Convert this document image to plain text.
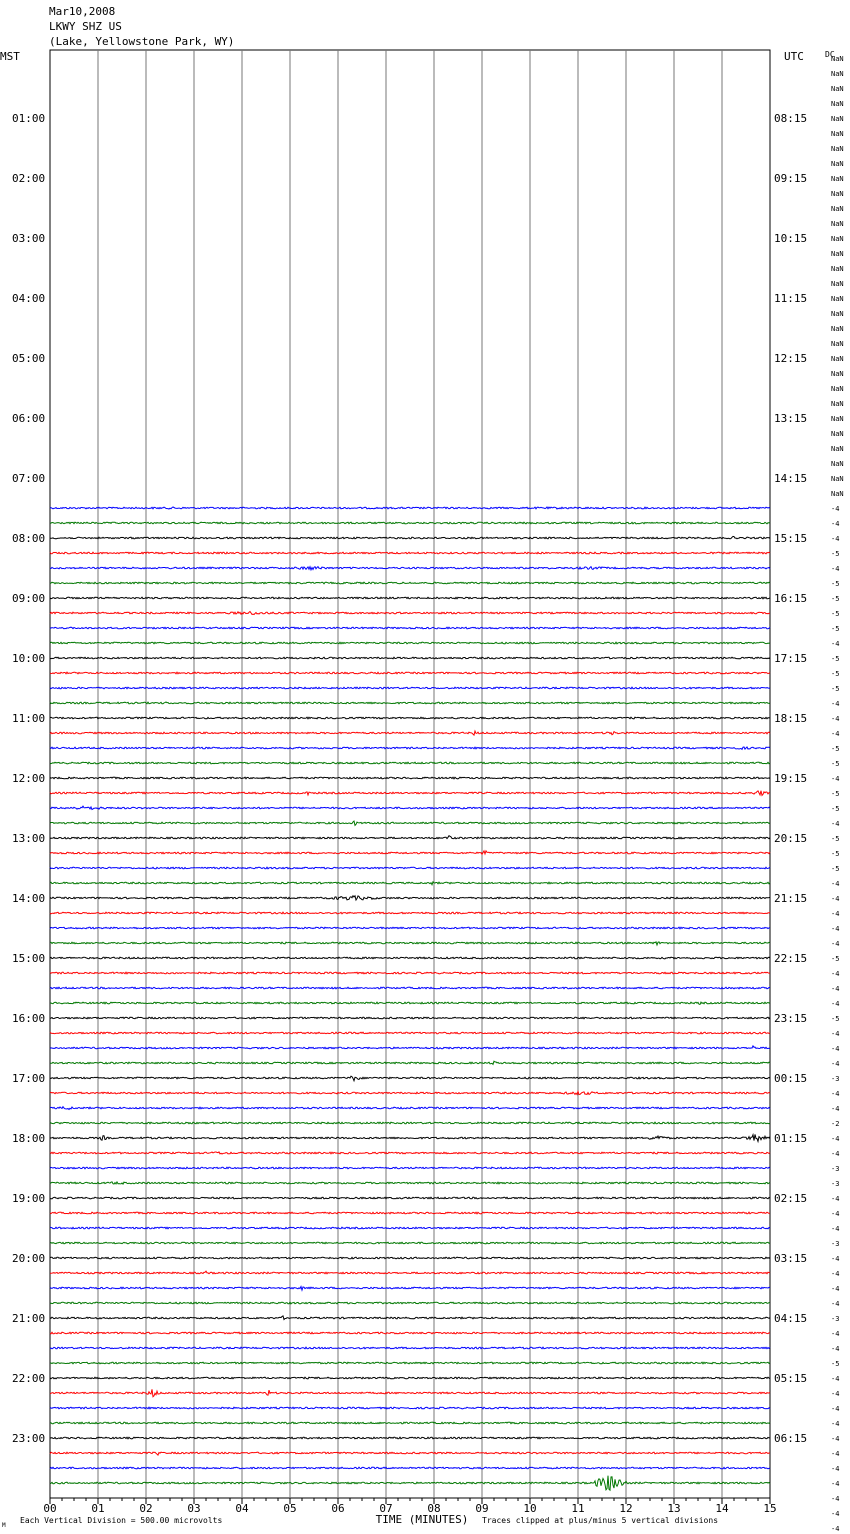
Mar10,2008
LKWY SHZ US
(Lake, Yellowstone Park, WY)
MST	UTC	DC
01:00
02:00
03:00
04:00
05:00
06:00
07:00
08:00
09:00
10:00
11:00
12:00
13:00
14:00
15:00
16:00
17:00
18:00
19:00
20:00
21:00
22:00
23:00
08:15
09:15
10:15
11:15
12:15
13:15
14:15
15:15
16:15
17:15
18:15
19:15
20:15
21:15
22:15
23:15
00:15
01:15
02:15
03:15
04:15
05:15
06:15
NaN
NaN
NaN
NaN
NaN
NaN
NaN
NaN
NaN
NaN
NaN
NaN
NaN
NaN
NaN
NaN
NaN
NaN
NaN
NaN
NaN
NaN
NaN
NaN
NaN
NaN
NaN
NaN
NaN
NaN
-4
-4
-4
-5
-4
-5
-5
-5
-5
-4
-5
-5
-5
-4
-4
-4
-5
-5
-4
-5
-5
-4
-5
-5
-5
-4
-4
-4
-4
-4
-5
-4
-4
-4
-5
-4
-4
-4
-3
-4
-4
-2
-4
-4
-3
-3
-4
-4
-4
-3
-4
-4
-4
-4
-3
-4
-4
-5
-4
-4
-4
-4
-4
-4
-4
-4
-4
-4
-4
00	01	02	03	04	05	06	07	08	09	10	11	12	13	14	15
Each Vertical Division = 500.00 microvolts	TIME (MINUTES) Traces clipped at plus/minus 5 vertical divisions
M
